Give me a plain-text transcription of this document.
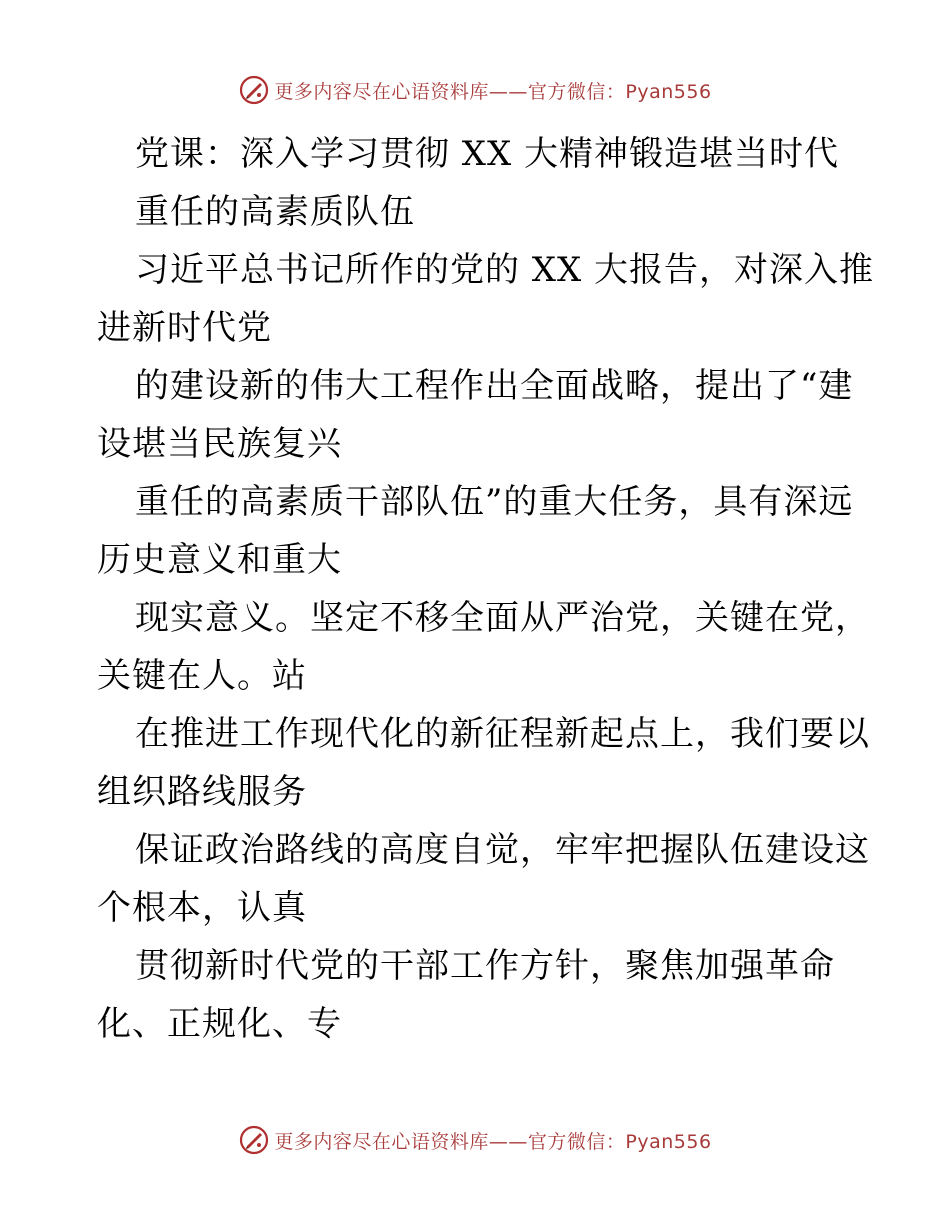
更多内容尽在心语资料库——官方微信：Pyan556
党课：深入学习贯彻 XX 大精神锻造堪当时代
重任的高素质队伍
习近平总书记所作的党的 XX 大报告，对深入推
进新时代党
的建设新的伟大工程作出全面战略，提出了“建
设堪当民族复兴
重任的高素质干部队伍”的重大任务，具有深远
历史意义和重大
现实意义。坚定不移全面从严治党，关键在党，
关键在人。站
在推进工作现代化的新征程新起点上，我们要以
组织路线服务
保证政治路线的高度自觉，牢牢把握队伍建设这
个根本，认真
贯彻新时代党的干部工作方针，聚焦加强革命
化、正规化、专
更多内容尽在心语资料库——官方微信：Pyan556
